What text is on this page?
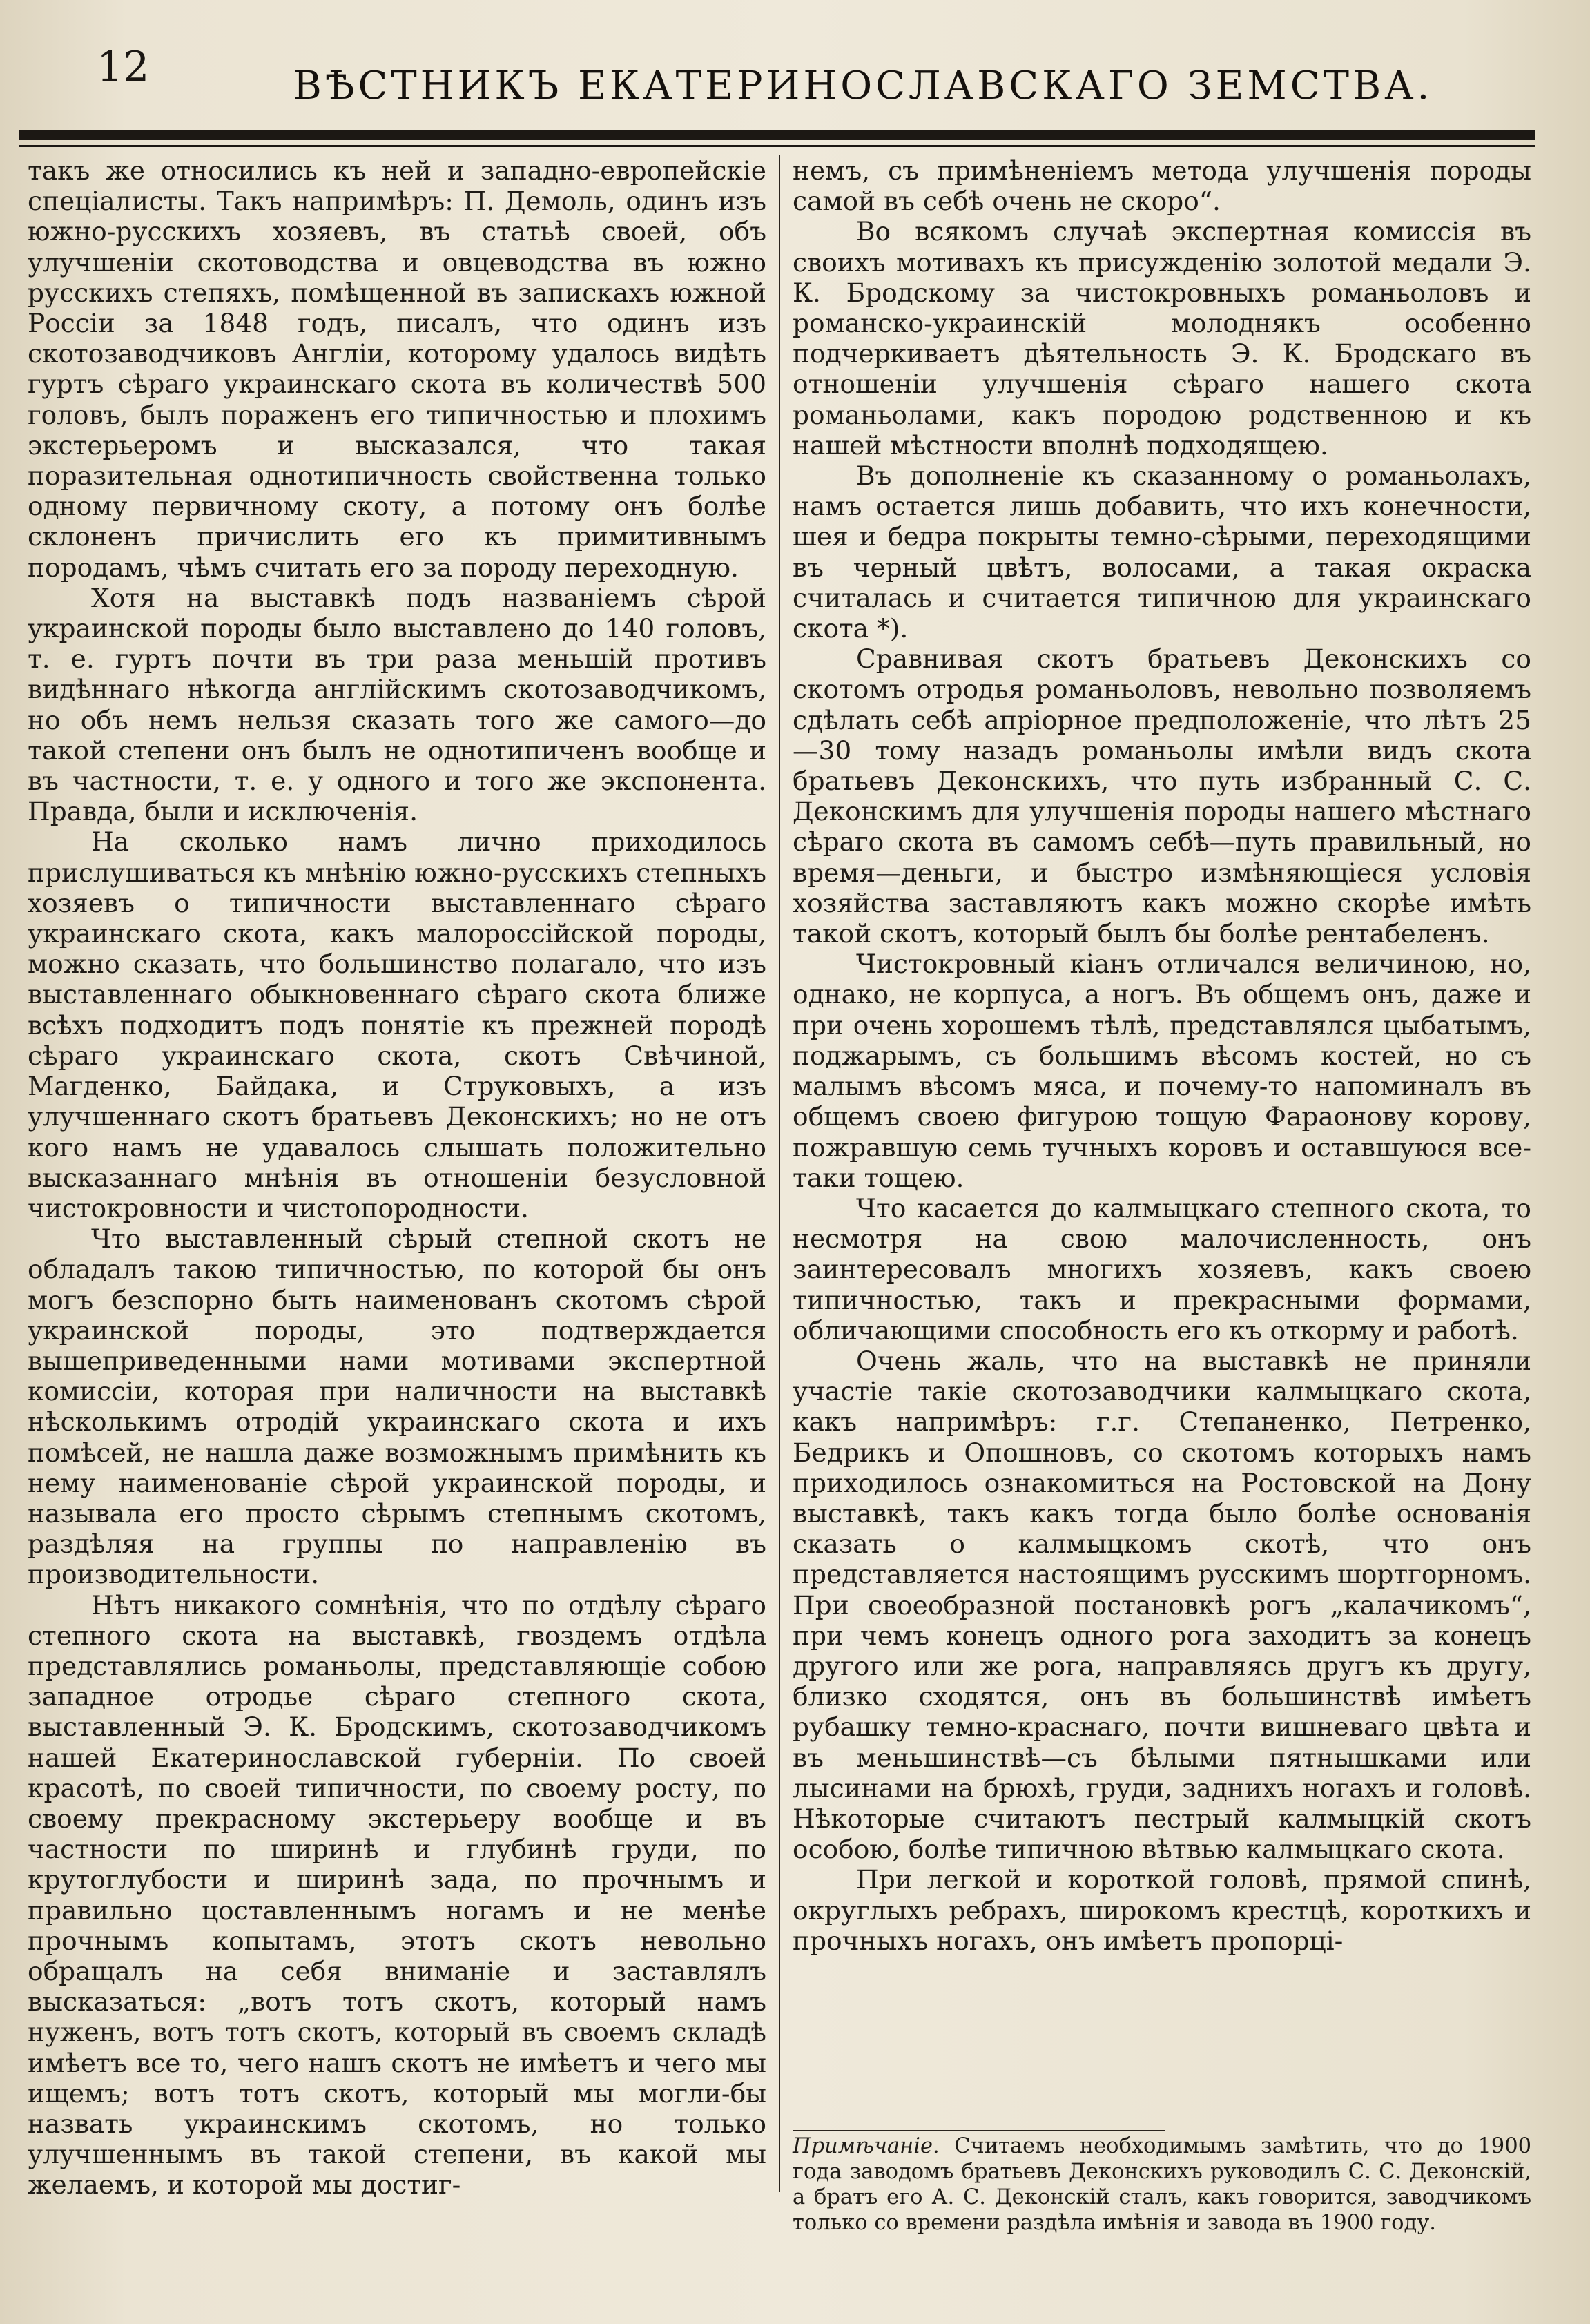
12	ВѢСТНИКЪ ЕКАТЕРИНОСЛАВСКАГО ЗЕМСТВА.

такъ же относились къ ней и западно-европейскіе спеціалисты. Такъ напримѣръ: П. Демоль, одинъ изъ южно-русскихъ хозяевъ, въ статьѣ своей, объ улучшеніи скотоводства и овцеводства въ южно русскихъ степяхъ, помѣщенной въ запискахъ южной Россіи за 1848 годъ, писалъ, что одинъ изъ скотозаводчиковъ Англіи, которому удалось видѣть гуртъ сѣраго украинскаго скота въ количествѣ 500 головъ, былъ пораженъ его типичностью и плохимъ экстерьеромъ и высказался, что такая поразительная однотипичность свойственна только одному первичному скоту, а потому онъ болѣе склоненъ причислить его къ примитивнымъ породамъ, чѣмъ считать его за породу переходную.

Хотя на выставкѣ подъ названіемъ сѣрой украинской породы было выставлено до 140 головъ, т. е. гуртъ почти въ три раза меньшій противъ видѣннаго нѣкогда англійскимъ скотозаводчикомъ, но объ немъ нельзя сказать того же самого—до такой степени онъ былъ не однотипиченъ вообще и въ частности, т. е. у одного и того же экспонента. Правда, были и исключенія.

На сколько намъ лично приходилось прислушиваться къ мнѣнію южно-русскихъ степныхъ хозяевъ о типичности выставленнаго сѣраго украинскаго скота, какъ малороссійской породы, можно сказать, что большинство полагало, что изъ выставленнаго обыкновеннаго сѣраго скота ближе всѣхъ подходитъ подъ понятіе къ прежней породѣ сѣраго украинскаго скота, скотъ Свѣчиной, Магденко, Байдака, и Струковыхъ, а изъ улучшеннаго скотъ братьевъ Деконскихъ; но не отъ кого намъ не удавалось слышать положительно высказаннаго мнѣнія въ отношеніи безусловной чистокровности и чистопородности.

Что выставленный сѣрый степной скотъ не обладалъ такою типичностью, по которой бы онъ могъ безспорно быть наименованъ скотомъ сѣрой украинской породы, это подтверждается вышеприведенными нами мотивами экспертной комиссіи, которая при наличности на выставкѣ нѣсколькимъ отродій украинскаго скота и ихъ помѣсей, не нашла даже возможнымъ примѣнить къ нему наименованіе сѣрой украинской породы, и называла его просто сѣрымъ степнымъ скотомъ, раздѣляя на группы по направленію въ производительности.

Нѣтъ никакого сомнѣнія, что по отдѣлу сѣраго степного скота на выставкѣ, гвоздемъ отдѣла представлялись романьолы, представляющіе собою западное отродье сѣраго степного скота, выставленный Э. К. Бродскимъ, скотозаводчикомъ нашей Екатеринославской губерніи. По своей красотѣ, по своей типичности, по своему росту, по своему прекрасному экстерьеру вообще и въ частности по ширинѣ и глубинѣ груди, по крутоглубости и ширинѣ зада, по прочнымъ и правильно цоставленнымъ ногамъ и не менѣе прочнымъ копытамъ, этотъ скотъ невольно обращалъ на себя вниманіе и заставлялъ высказаться: „вотъ тотъ скотъ, который намъ нуженъ, вотъ тотъ скотъ, который въ своемъ складѣ имѣетъ все то, чего нашъ скотъ не имѣетъ и чего мы ищемъ; вотъ тотъ скотъ, который мы могли-бы назвать украинскимъ скотомъ, но только улучшеннымъ въ такой степени, въ какой мы желаемъ, и которой мы достиг-

немъ, съ примѣненіемъ метода улучшенія породы самой въ себѣ очень не скоро“.

Во всякомъ случаѣ экспертная комиссія въ своихъ мотивахъ къ присужденію золотой медали Э. К. Бродскому за чистокровныхъ романьоловъ и романско-украинскій молоднякъ особенно подчеркиваетъ дѣятельность Э. К. Бродскаго въ отношеніи улучшенія сѣраго нашего скота романьолами, какъ породою родственною и къ нашей мѣстности вполнѣ подходящею.

Въ дополненіе къ сказанному о романьолахъ, намъ остается лишь добавить, что ихъ конечности, шея и бедра покрыты темно-сѣрыми, переходящими въ черный цвѣтъ, волосами, а такая окраска считалась и считается типичною для украинскаго скота *).

Сравнивая скотъ братьевъ Деконскихъ со скотомъ отродья романьоловъ, невольно позволяемъ сдѣлать себѣ апріорное предположеніе, что лѣтъ 25—30 тому назадъ романьолы имѣли видъ скота братьевъ Деконскихъ, что путь избранный С. С. Деконскимъ для улучшенія породы нашего мѣстнаго сѣраго скота въ самомъ себѣ—путь правильный, но время—деньги, и быстро измѣняющіеся условія хозяйства заставляютъ какъ можно скорѣе имѣть такой скотъ, который былъ бы болѣе рентабеленъ.

Чистокровный кіанъ отличался величиною, но, однако, не корпуса, а ногъ. Въ общемъ онъ, даже и при очень хорошемъ тѣлѣ, представлялся цыбатымъ, поджарымъ, съ большимъ вѣсомъ костей, но съ малымъ вѣсомъ мяса, и почему-то напоминалъ въ общемъ своею фигурою тощую Фараонову корову, пожравшую семь тучныхъ коровъ и оставшуюся все-таки тощею.

Что касается до калмыцкаго степного скота, то несмотря на свою малочисленность, онъ заинтересовалъ многихъ хозяевъ, какъ своею типичностью, такъ и прекрасными формами, обличающими способность его къ откорму и работѣ.

Очень жаль, что на выставкѣ не приняли участіе такіе скотозаводчики калмыцкаго скота, какъ напримѣръ: г.г. Степаненко, Петренко, Бедрикъ и Опошновъ, со скотомъ которыхъ намъ приходилось ознакомиться на Ростовской на Дону выставкѣ, такъ какъ тогда было болѣе основанія сказать о калмыцкомъ скотѣ, что онъ представляется настоящимъ русскимъ шортгорномъ. При своеобразной постановкѣ рогъ „калачикомъ“, при чемъ конецъ одного рога заходитъ за конецъ другого или же рога, направляясь другъ къ другу, близко сходятся, онъ въ большинствѣ имѣетъ рубашку темно-краснаго, почти вишневаго цвѣта и въ меньшинствѣ—съ бѣлыми пятнышками или лысинами на брюхѣ, груди, заднихъ ногахъ и головѣ. Нѣкоторые считаютъ пестрый калмыцкій скотъ особою, болѣе типичною вѣтвью калмыцкаго скота.

При легкой и короткой головѣ, прямой спинѣ, округлыхъ ребрахъ, широкомъ крестцѣ, короткихъ и прочныхъ ногахъ, онъ имѣетъ пропорці-

Примѣчаніе. Считаемъ необходимымъ замѣтить, что до 1900 года заводомъ братьевъ Деконскихъ руководилъ С. С. Деконскій, а братъ его А. С. Деконскій сталъ, какъ говорится, заводчикомъ только со времени раздѣла имѣнія и завода въ 1900 году.
